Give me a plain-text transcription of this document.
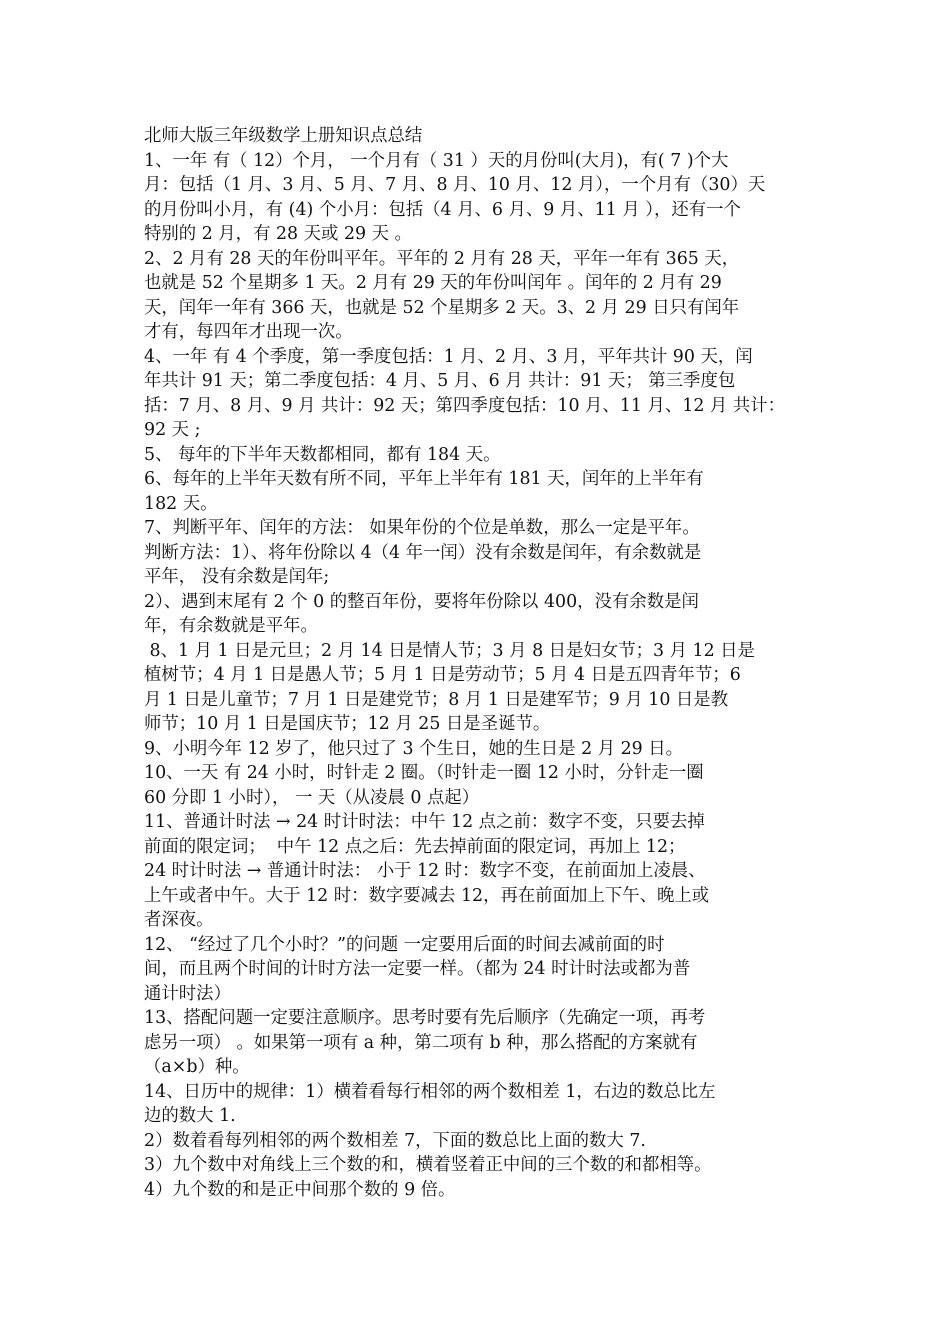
北师大版三年级数学上册知识点总结
1、一年 有（ 12）个月， 一个月有（ 31 ）天的月份叫(大月)，有( 7 )个大
月：包括（1 月、3 月、5 月、7 月、8 月、10 月、12 月），一个月有（30）天
的月份叫小月，有 (4) 个小月：包括（4 月、6 月、9 月、11 月 ），还有一个
特别的 2 月，有 28 天或 29 天 。
2、2 月有 28 天的年份叫平年。平年的 2 月有 28 天，平年一年有 365 天，
也就是 52 个星期多 1 天。2 月有 29 天的年份叫闰年 。闰年的 2 月有 29
天，闰年一年有 366 天，也就是 52 个星期多 2 天。3、2 月 29 日只有闰年
才有，每四年才出现一次。
4、一年 有 4 个季度，第一季度包括：1 月、2 月、3 月，平年共计 90 天，闰
年共计 91 天；第二季度包括：4 月、5 月、6 月 共计：91 天； 第三季度包
括：7 月、8 月、9 月 共计：92 天；第四季度包括：10 月、11 月、12 月 共计：
92 天 ;
5、 每年的下半年天数都相同，都有 184 天。
6、每年的上半年天数有所不同，平年上半年有 181 天，闰年的上半年有
182 天。
7、判断平年、闰年的方法： 如果年份的个位是单数，那么一定是平年。
判断方法：1）、将年份除以 4（4 年一闰）没有余数是闰年，有余数就是
平年， 没有余数是闰年;
2）、遇到末尾有 2 个 0 的整百年份，要将年份除以 400，没有余数是闰
年，有余数就是平年。
8、1 月 1 日是元旦；2 月 14 日是情人节；3 月 8 日是妇女节；3 月 12 日是
植树节；4 月 1 日是愚人节；5 月 1 日是劳动节；5 月 4 日是五四青年节；6
月 1 日是儿童节；7 月 1 日是建党节；8 月 1 日是建军节；9 月 10 日是教
师节；10 月 1 日是国庆节；12 月 25 日是圣诞节。
9、小明今年 12 岁了，他只过了 3 个生日，她的生日是 2 月 29 日。
10、一天 有 24 小时，时针走 2 圈。（时针走一圈 12 小时，分针走一圈
60 分即 1 小时）， 一 天（从凌晨 0 点起）
11、普通计时法 → 24 时计时法：中午 12 点之前：数字不变，只要去掉
前面的限定词；  中午 12 点之后：先去掉前面的限定词，再加上 12；
24 时计时法 → 普通计时法： 小于 12 时：数字不变，在前面加上凌晨、
上午或者中午。大于 12 时：数字要减去 12，再在前面加上下午、晚上或
者深夜。
12、 “经过了几个小时？”的问题 一定要用后面的时间去减前面的时
间，而且两个时间的计时方法一定要一样。（都为 24 时计时法或都为普
通计时法）
13、搭配问题一定要注意顺序。思考时要有先后顺序（先确定一项，再考
虑另一项） 。如果第一项有 a 种，第二项有 b 种，那么搭配的方案就有
（a×b）种。
14、日历中的规律：1）横着看每行相邻的两个数相差 1，右边的数总比左
边的数大 1.
2）数着看每列相邻的两个数相差 7，下面的数总比上面的数大 7.
3）九个数中对角线上三个数的和，横着竖着正中间的三个数的和都相等。
4）九个数的和是正中间那个数的 9 倍。
